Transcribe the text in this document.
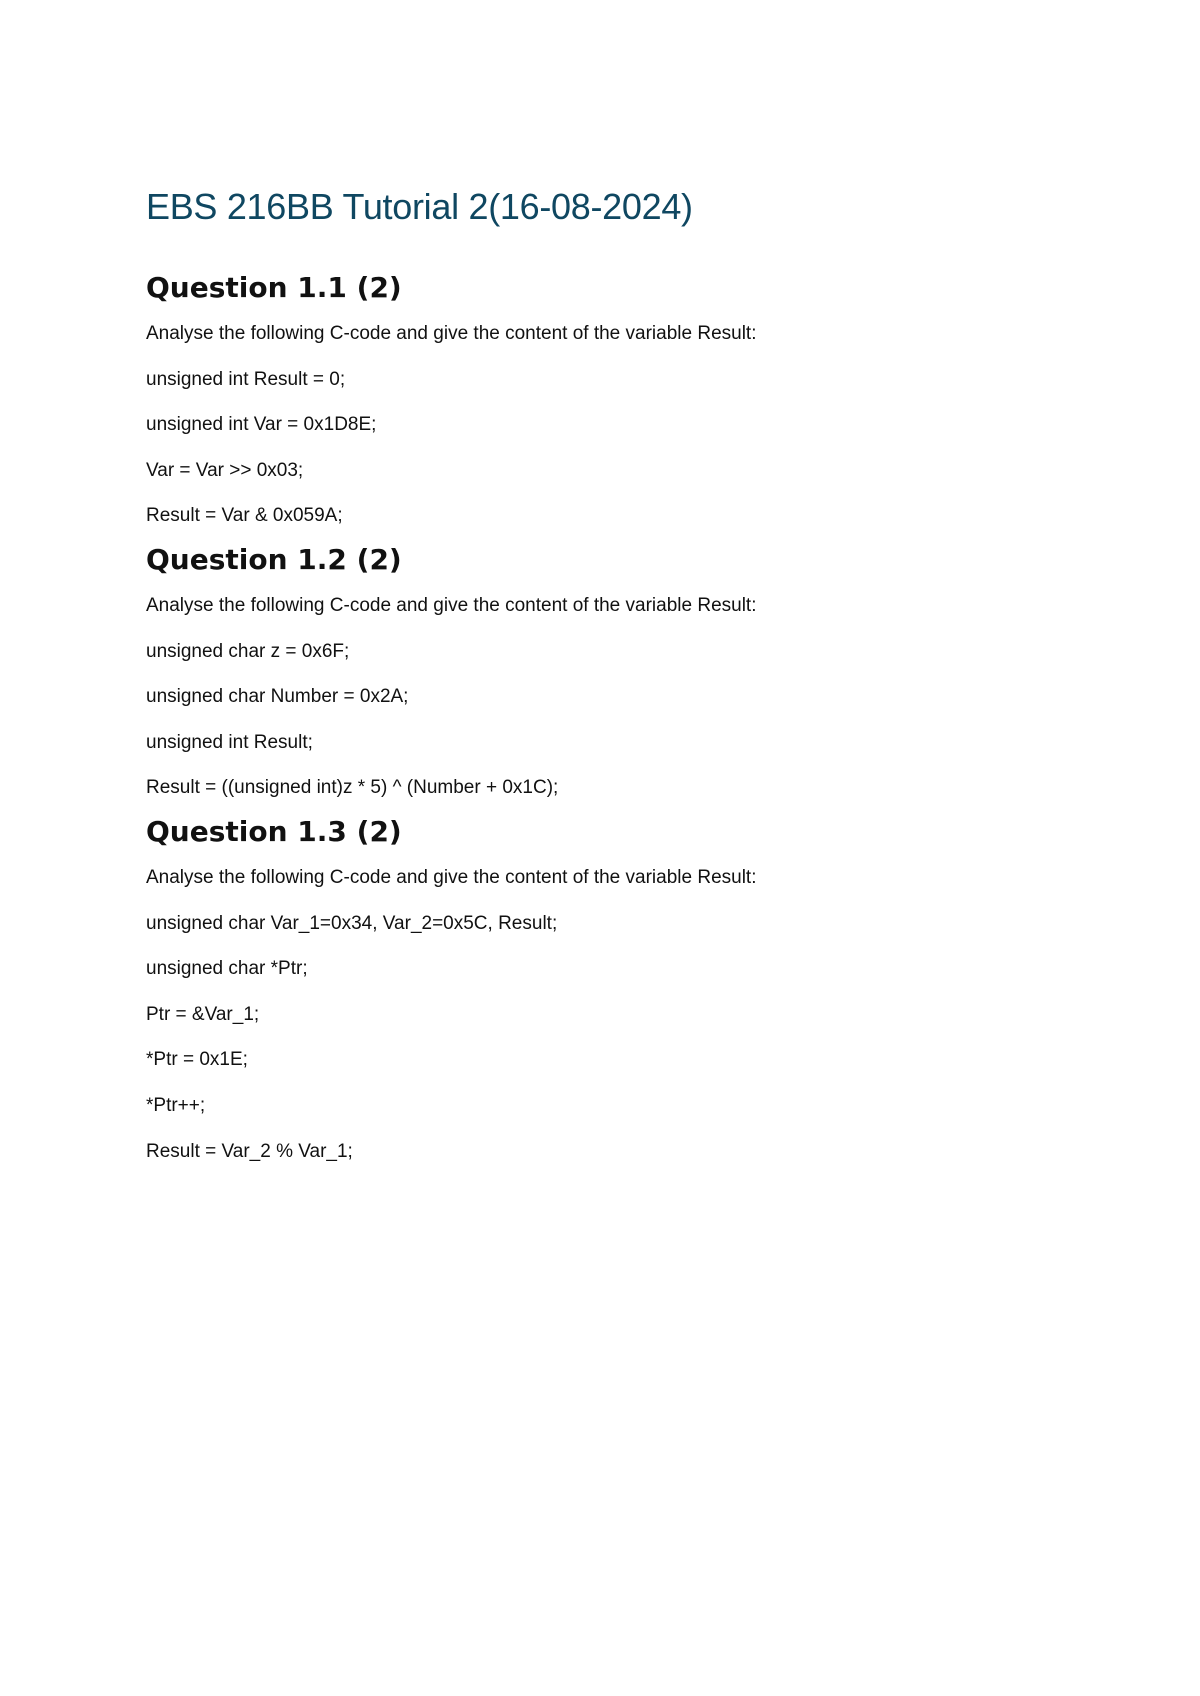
EBS 216BB Tutorial 2(16-08-2024)
Question 1.1 (2)

Analyse the following C-code and give the content of the variable Result:

unsigned int Result = 0;

unsigned int Var = 0x1D8E;

Var = Var >> 0x03;

Result = Var & 0x059A;

Question 1.2 (2)

Analyse the following C-code and give the content of the variable Result:

unsigned char z = 0x6F;

unsigned char Number = 0x2A;

unsigned int Result;

Result = ((unsigned int)z * 5) ^ (Number + 0x1C);

Question 1.3 (2)

Analyse the following C-code and give the content of the variable Result:

unsigned char Var_1=0x34, Var_2=0x5C, Result;

unsigned char *Ptr;

Ptr = &Var_1;

*Ptr = 0x1E;

*Ptr++;

Result = Var_2 % Var_1;
